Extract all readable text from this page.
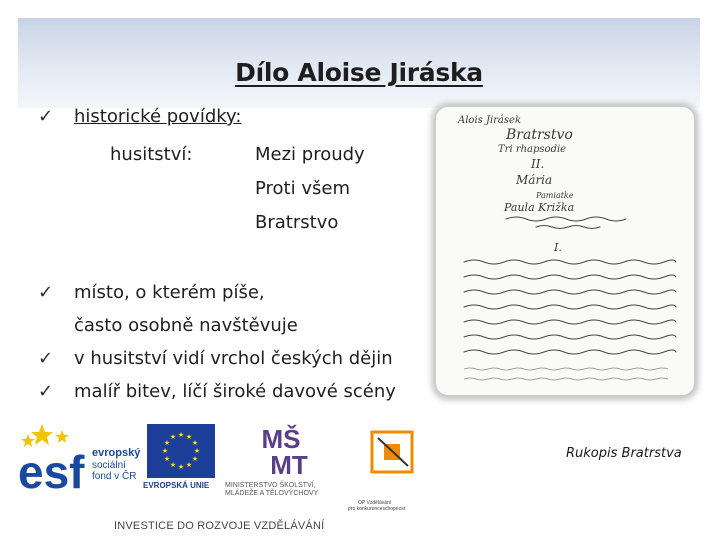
Dílo Aloise Jiráska
✓ historické povídky:
husitství:	Mezi proudy
Proti všem
Bratrstvo
✓ místo, o kterém píše,
často osobně navštěvuje
✓ v husitství vidí vrchol českých dějin
✓ malíř bitev, líčí široké davové scény
Alois Jirásek
Bratrstvo
Tri rhapsodie
II.
Mária
Pamiatke
Paula Križka
I.
Rukopis Bratrstva
esf evropský
sociální
fond v ČR
★ ★
★
★
★
★
★
★
★
★
★
★
EVROPSKÁ UNIE
MŠ
MT
MINISTERSTVO ŠKOLSTVÍ,
MLÁDEŽE A TĚLOVÝCHOVY
OP Vzdělávání
pro konkurenceschopnost
INVESTICE DO ROZVOJE VZDĚLÁVÁNÍ
